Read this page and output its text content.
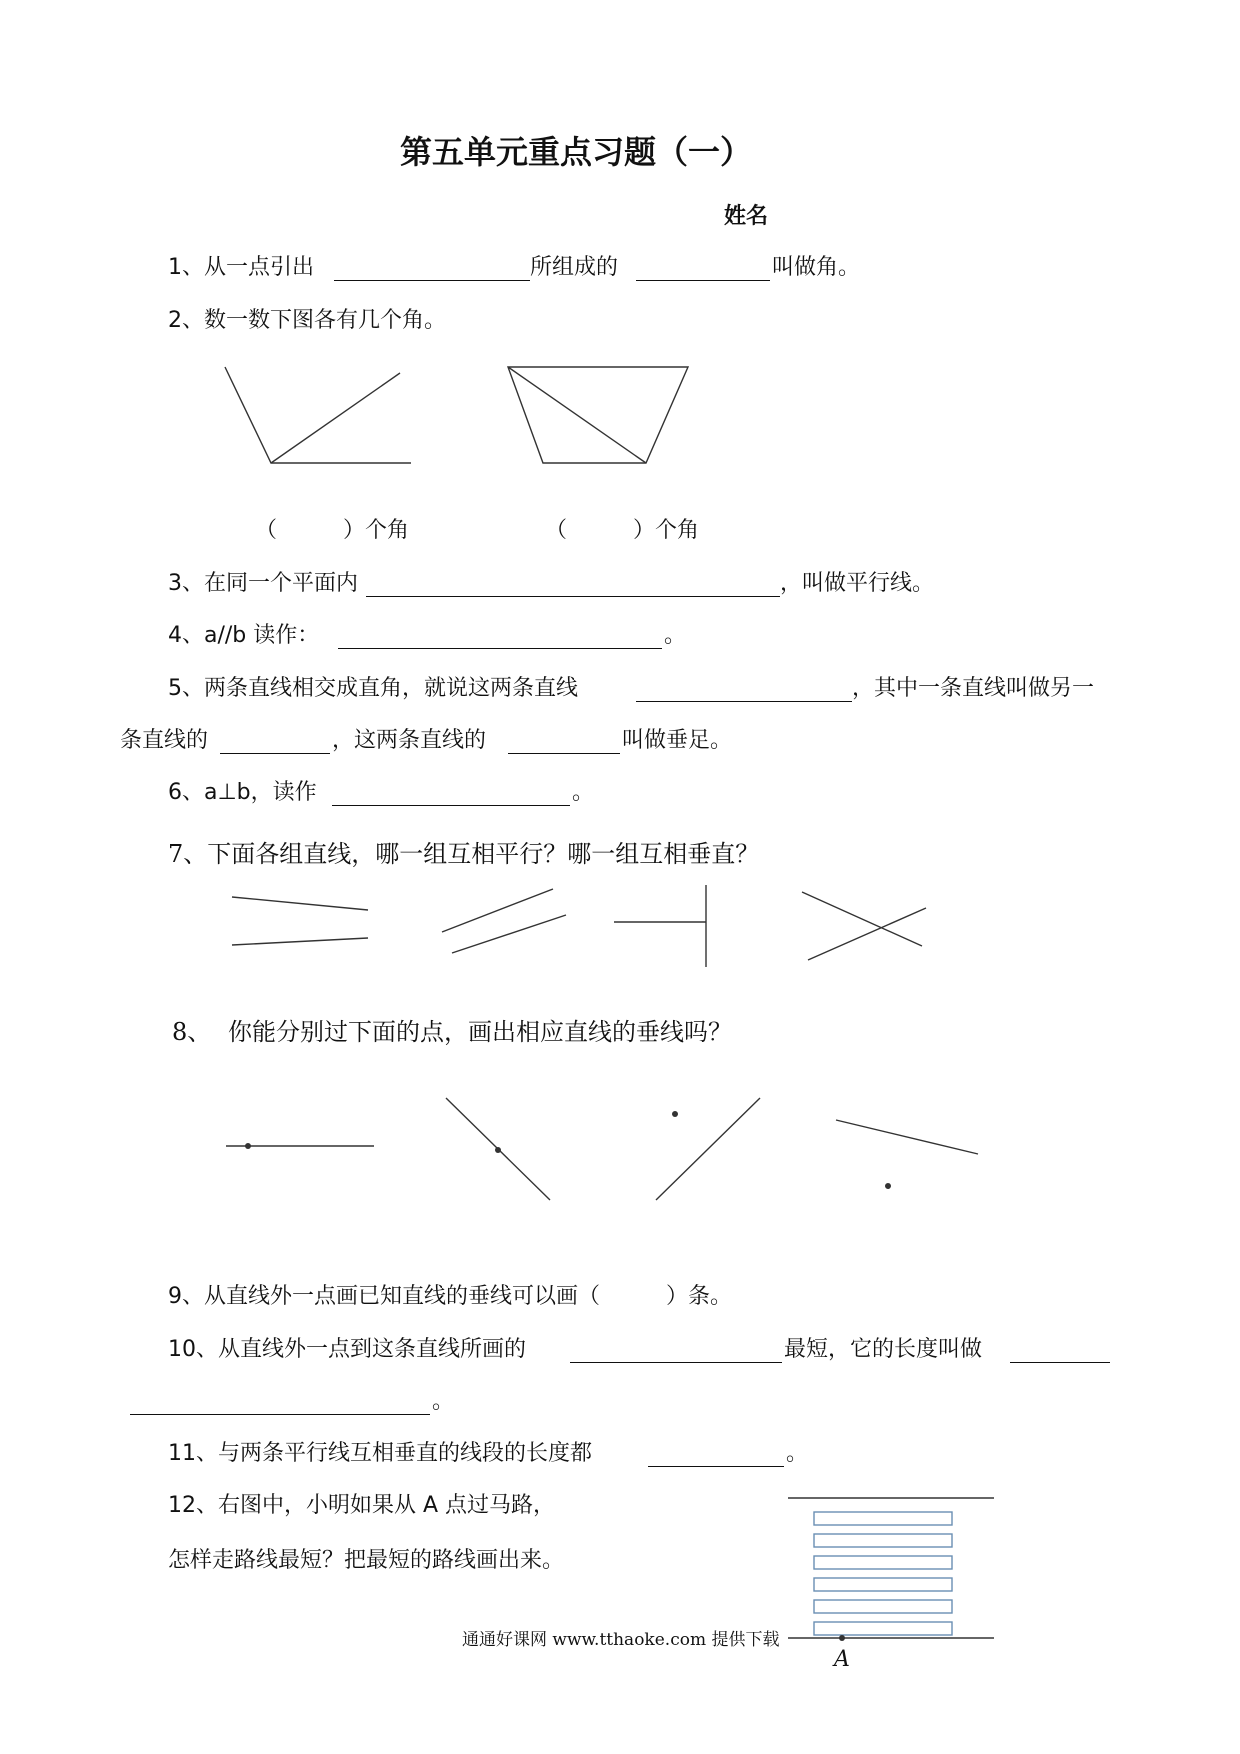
第五单元重点习题（一）
姓名
1、从一点引出	所组成的	叫做角。
2、数一数下图各有几个角。
（　　　）个角	（　　　）个角
3、在同一个平面内	，叫做平行线。
4、a//b 读作：	。
5、两条直线相交成直角，就说这两条直线	，其中一条直线叫做另一
条直线的	，这两条直线的	叫做垂足。
6、a⊥b，读作	。
7、下面各组直线，哪一组互相平行？哪一组互相垂直？
8、 你能分别过下面的点，画出相应直线的垂线吗？
9、从直线外一点画已知直线的垂线可以画（　　　）条。
10、从直线外一点到这条直线所画的	最短，它的长度叫做
。
11、与两条平行线互相垂直的线段的长度都	。
12、右图中，小明如果从 A 点过马路，
怎样走路线最短？把最短的路线画出来。
A
通通好课网 www.tthaoke.com 提供下载
